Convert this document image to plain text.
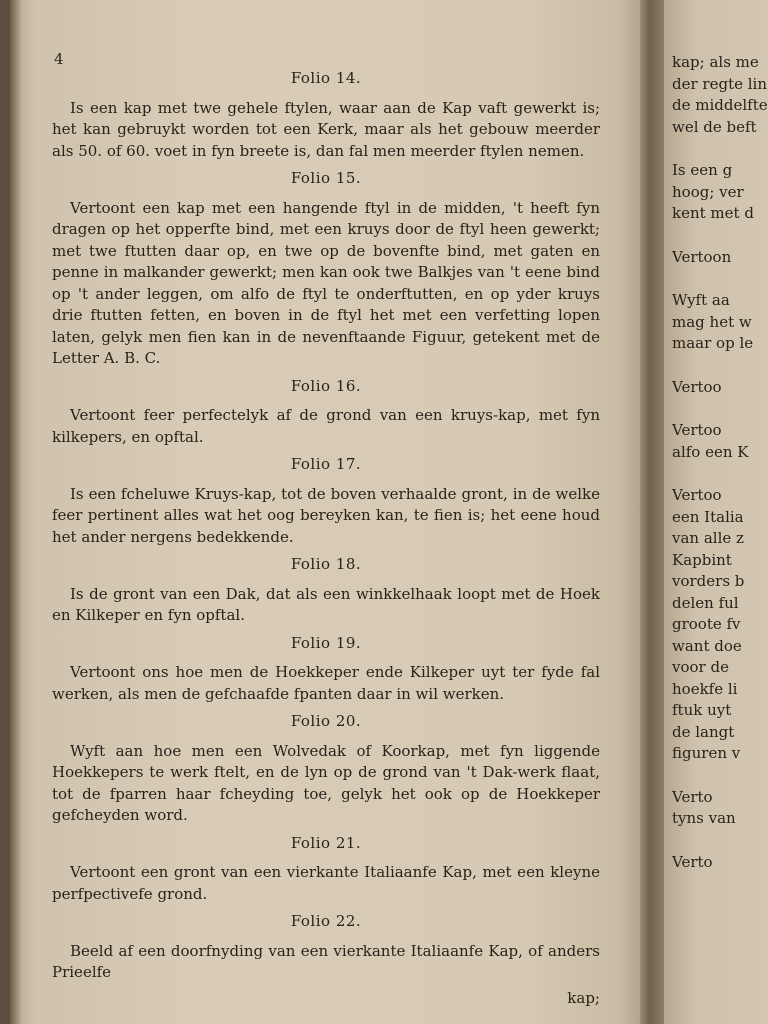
4
Folio 14.

Is een kap met twe gehele ftylen, waar aan de Kap vaft gewerkt is; het kan gebruykt worden tot een Kerk, maar als het gebouw meerder als 50. of 60. voet in fyn breete is, dan fal men meerder ftylen nemen.

Folio 15.

Vertoont een kap met een hangende ftyl in de midden, 't heeft fyn dragen op het opperfte bind, met een kruys door de ftyl heen gewerkt; met twe ftutten daar op, en twe op de bovenfte bind, met gaten en penne in malkander gewerkt; men kan ook twe Balkjes van 't eene bind op 't ander leggen, om alfo de ftyl te onderftutten, en op yder kruys drie ftutten fetten, en boven in de ftyl het met een verfetting lopen laten, gelyk men fien kan in de nevenftaande Figuur, getekent met de Letter A. B. C.

Folio 16.

Vertoont feer perfectelyk af de grond van een kruys-kap, met fyn kilkepers, en opftal.

Folio 17.

Is een fcheluwe Kruys-kap, tot de boven verhaalde gront, in de welke feer pertinent alles wat het oog bereyken kan, te fien is; het eene houd het ander nergens bedekkende.

Folio 18.

Is de gront van een Dak, dat als een winkkelhaak loopt met de Hoek en Kilkeper en fyn opftal.

Folio 19.

Vertoont ons hoe men de Hoekkeper ende Kilkeper uyt ter fyde fal werken, als men de gefchaafde fpanten daar in wil werken.

Folio 20.

Wyft aan hoe men een Wolvedak of Koorkap, met fyn liggende Hoekkepers te werk ftelt, en de lyn op de grond van 't Dak-werk flaat, tot de fparren haar fcheyding toe, gelyk het ook op de Hoekkeper gefcheyden word.

Folio 21.

Vertoont een gront van een vierkante Italiaanfe Kap, met een kleyne perfpectivefe grond.

Folio 22.

Beeld af een doorfnyding van een vierkante Italiaanfe Kap, of anders Prieelfe

kap;

kap; als me
der regte lin
de middelfte
wel de beft
Is een g
hoog; ver
kent met d
Vertoon
Wyft aa
mag het w
maar op le
Vertoo
Vertoo
alfo een K
Vertoo
een Italia
van alle z
Kapbint
vorders b
delen ful
groote fv
want doe
voor de
hoekfe li
ftuk uyt
de langt
figuren v
Verto
tyns van
Verto
